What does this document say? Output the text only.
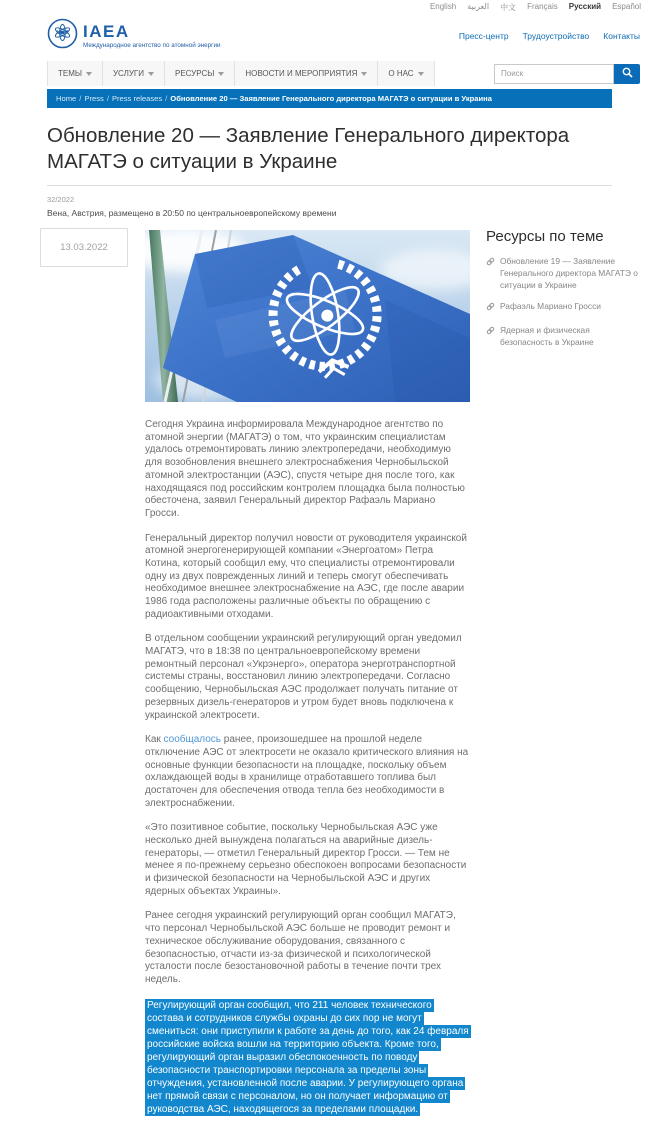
English العربية 中文 Français Русский Español
IAEA
Международное агентство по атомной энергии
Пресс-центр Трудоустройство Контакты
ТЕМЫ	УСЛУГИ	РЕСУРСЫ	НОВОСТИ И МЕРОПРИЯТИЯ	О НАС
Поиск
Home /	Press /	Press releases /	Обновление 20 — Заявление Генерального директора МАГАТЭ о ситуации в Украина
Обновление 20 — Заявление Генерального директора МАГАТЭ о ситуации в Украине

32/2022

Вена, Австрия, размещено в 20:50 по центральноевропейскому времени

13.03.2022

Сегодня Украина информировала Международное агентство по атомной энергии (МАГАТЭ) о том, что украинским специалистам удалось отремонтировать линию электропередачи, необходимую для возобновления внешнего электроснабжения Чернобыльской атомной электростанции (АЭС), спустя четыре дня после того, как находящаяся под российским контролем площадка была полностью обесточена, заявил Генеральный директор Рафаэль Мариано Гросси.

Генеральный директор получил новости от руководителя украинской атомной энергогенерирующей компании «Энергоатом» Петра Котина, который сообщил ему, что специалисты отремонтировали одну из двух поврежденных линий и теперь смогут обеспечивать необходимое внешнее электроснабжение на АЭС, где после аварии 1986 года расположены различные объекты по обращению с радиоактивными отходами.

В отдельном сообщении украинский регулирующий орган уведомил МАГАТЭ, что в 18:38 по центральноевропейскому времени ремонтный персонал «Укрэнерго», оператора энерготранспортной системы страны, восстановил линию электропередачи. Согласно сообщению, Чернобыльская АЭС продолжает получать питание от резервных дизель-генераторов и утром будет вновь подключена к украинской электросети.

Как сообщалось ранее, произошедшее на прошлой неделе отключение АЭС от электросети не оказало критического влияния на основные функции безопасности на площадке, поскольку объем охлаждающей воды в хранилище отработавшего топлива был достаточен для обеспечения отвода тепла без необходимости в электроснабжении.

«Это позитивное событие, поскольку Чернобыльская АЭС уже несколько дней вынуждена полагаться на аварийные дизель-генераторы, — отметил Генеральный директор Гросси. — Тем не менее я по-прежнему серьезно обеспокоен вопросами безопасности и физической безопасности на Чернобыльской АЭС и других ядерных объектах Украины».

Ранее сегодня украинский регулирующий орган сообщил МАГАТЭ, что персонал Чернобыльской АЭС больше не проводит ремонт и техническое обслуживание оборудования, связанного с безопасностью, отчасти из-за физической и психологической усталости после безостановочной работы в течение почти трех недель.

Регулирующий орган сообщил, что 211 человек технического состава и сотрудников службы охраны до сих пор не могут смениться: они приступили к работе за день до того, как 24 февраля российские войска вошли на территорию объекта. Кроме того, регулирующий орган выразил обеспокоенность по поводу безопасности транспортировки персонала за пределы зоны отчуждения, установленной после аварии. У регулирующего органа нет прямой связи с персоналом, но он получает информацию от руководства АЭС, находящегося за пределами площадки.

Ресурсы по теме
Обновление 19 — Заявление Генерального директора МАГАТЭ о ситуации в Украине
Рафаэль Мариано Гросси
Ядерная и физическая безопасность в Украине
